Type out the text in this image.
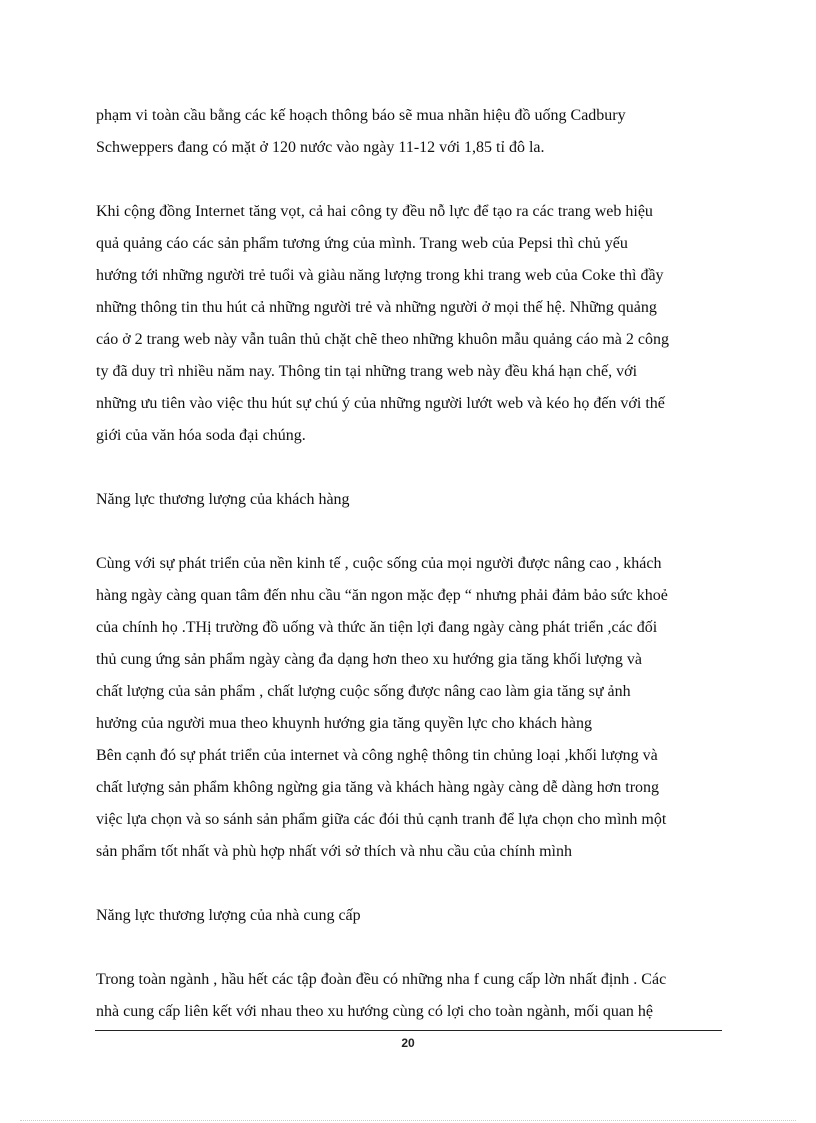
phạm vi toàn cầu bằng các kế hoạch thông báo sẽ mua nhãn hiệu đồ uống Cadbury
Schweppers đang có mặt ở 120 nước vào ngày 11-12 với 1,85 tỉ đô la.
Khi cộng đồng Internet tăng vọt, cả hai công ty đều nỗ lực để tạo ra các trang web hiệu
quả quảng cáo các sản phẩm tương ứng của mình. Trang web của Pepsi thì chủ yếu
hướng tới những người trẻ tuổi và giàu năng lượng trong khi trang web của Coke thì đầy
những thông tin thu hút cả những người trẻ và những người ở mọi thế hệ. Những quảng
cáo ở 2 trang web này vẫn tuân thủ chặt chẽ theo những khuôn mẫu quảng cáo mà 2 công
ty đã duy trì nhiều năm nay. Thông tin tại những trang web này đều khá hạn chế, với
những ưu tiên vào việc thu hút sự chú ý của những người lướt web và kéo họ đến với thế
giới của văn hóa soda đại chúng.
Năng lực thương lượng của khách hàng
Cùng với sự phát triển của nền kinh tế , cuộc sống của mọi người được nâng cao , khách
hàng ngày càng quan tâm đến nhu cầu “ăn ngon mặc đẹp “ nhưng phải đảm bảo sức khoẻ
của chính họ .THị trường đồ uống và thức ăn tiện lợi đang ngày càng phát triển ,các đối
thủ cung ứng sản phẩm ngày càng đa dạng hơn theo xu hướng gia tăng khối lượng và
chất lượng của sản phẩm , chất lượng cuộc sống được nâng cao làm gia tăng sự ảnh
hưởng của người mua theo khuynh hướng gia tăng quyền lực cho khách hàng
Bên cạnh đó sự phát triển của internet và công nghệ thông tin chủng loại ,khối lượng và
chất lượng sản phẩm không ngừng gia tăng và khách hàng ngày càng dễ dàng hơn trong
việc lựa chọn và so sánh sản phẩm giữa các đói thủ cạnh tranh để lựa chọn cho mình một
sản phẩm tốt nhất và phù hợp nhất với sở thích và nhu cầu của chính mình
Năng lực thương lượng của nhà cung cấp
Trong toàn ngành , hầu hết các tập đoàn đều có những nha f cung cấp lờn nhất định . Các
nhà cung cấp liên kết với nhau theo xu hướng cùng có lợi cho toàn ngành, mối quan hệ
20
